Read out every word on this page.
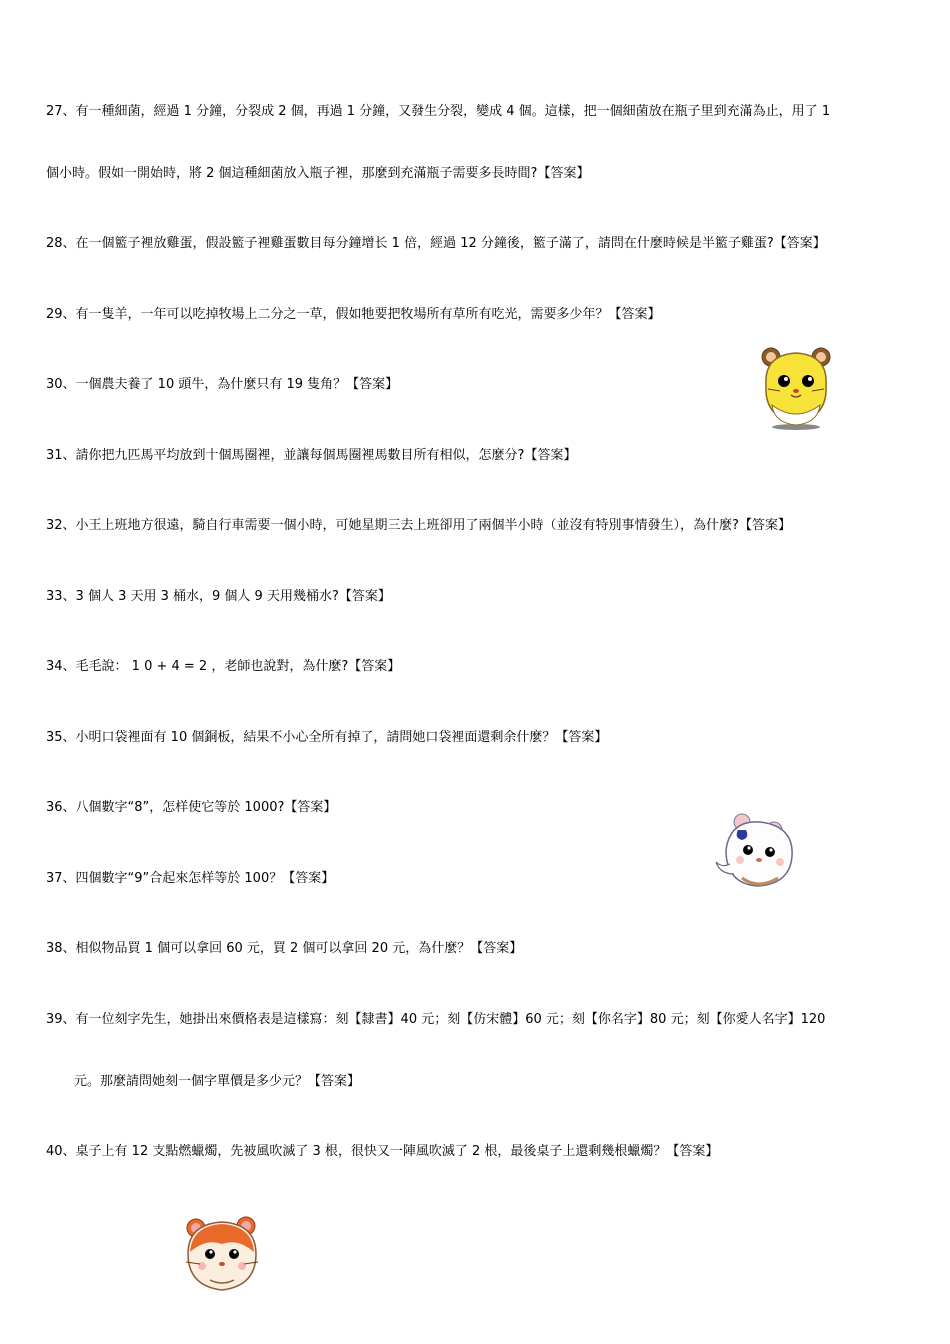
27、有一種細菌，經過 1 分鐘，分裂成 2 個，再過 1 分鐘，又發生分裂，變成 4 個。這樣，把一個細菌放在瓶子里到充滿為止，用了 1
個小時。假如一開始時，將 2 個這種細菌放入瓶子裡，那麼到充滿瓶子需要多長時間?【答案】
28、在一個籃子裡放雞蛋，假設籃子裡雞蛋數目每分鐘增长 1 倍，經過 12 分鐘後，籃子滿了，請問在什麼時候是半籃子雞蛋?【答案】
29、有一隻羊，一年可以吃掉牧場上二分之一草，假如牠要把牧場所有草所有吃光，需要多少年？【答案】
30、一個農夫養了 10 頭牛，為什麼只有 19 隻角？【答案】
31、請你把九匹馬平均放到十個馬圈裡，並讓每個馬圈裡馬數目所有相似，怎麼分?【答案】
32、小王上班地方很遠，騎自行車需要一個小時，可她星期三去上班卻用了兩個半小時（並沒有特別事情發生），為什麼?【答案】
33、3 個人 3 天用 3 桶水，9 個人 9 天用幾桶水?【答案】
34、毛毛說： 1 0 + 4 = 2 ，老師也說對，為什麼?【答案】
35、小明口袋裡面有 10 個銅板，結果不小心全所有掉了，請問她口袋裡面還剩余什麼？【答案】
36、八個數字“8”，怎样使它等於 1000?【答案】
37、四個數字“9”合起來怎样等於 100？【答案】
38、相似物品買 1 個可以拿回 60 元，買 2 個可以拿回 20 元，為什麼？【答案】
39、有一位刻字先生，她掛出來價格表是這樣寫：刻【隸書】40 元；刻【仿宋體】60 元；刻【你名字】80 元；刻【你愛人名字】120
元。那麼請問她刻一個字單價是多少元？【答案】
40、桌子上有 12 支點燃蠟燭，先被風吹滅了 3 根，很快又一陣風吹滅了 2 根，最後桌子上還剩幾根蠟燭？【答案】
